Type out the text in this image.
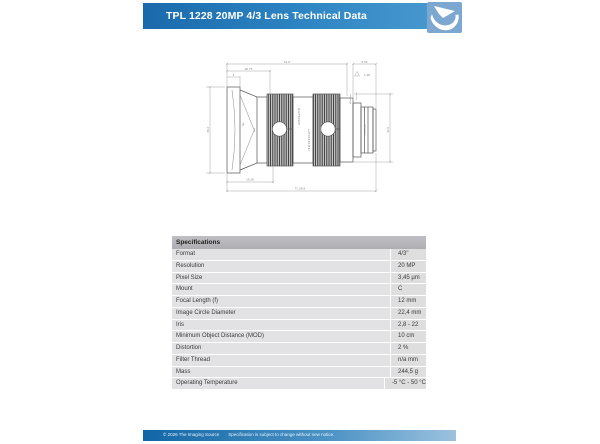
TPL 1228 20MP 4/3 Lens Technical Data
16 11 8 5.6 4 2.8
∞ 0.5 0.3 0.2 0.15 0.1
82°
61.8
26.75
4
8.50
1.90
45.3	41.5
1-32UN-2A
15.26
TL 58.8
Specifications
Format	4/3"
Resolution	20 MP
Pixel Size	3,45 µm
Mount	C
Focal Length (f)	12 mm
Image Circle Diameter	22,4 mm
Iris	2,8 - 22
Minimum Object Distance (MOD)	10 cm
Distortion	2 %
Filter Thread	n/a mm
Mass	244,5 g
Operating Temperature	-5 °C - 50 °C
© 2026 The Imaging Source Specification is subject to change without new notice.
